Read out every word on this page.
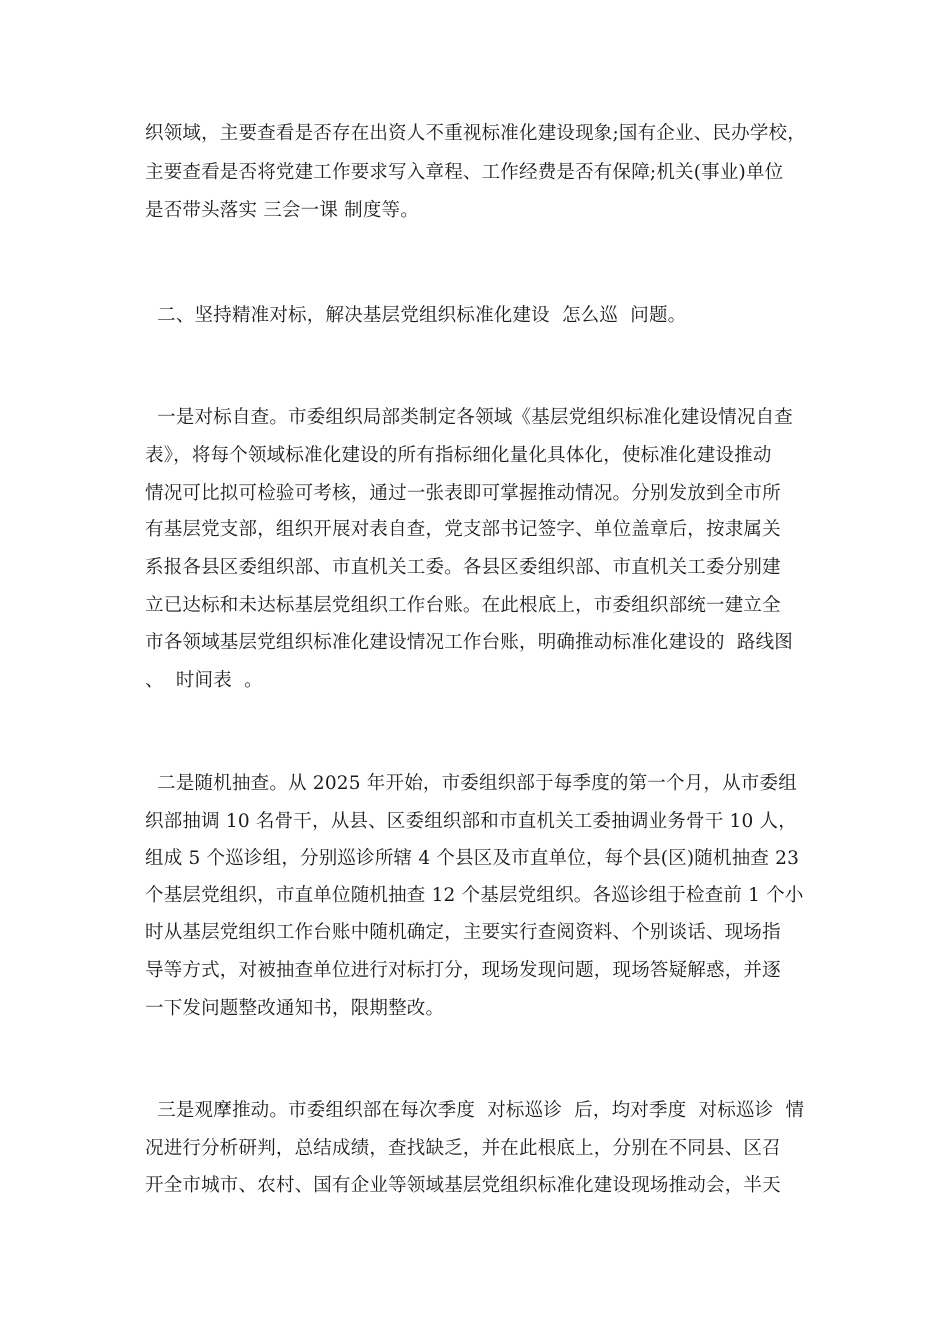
织领域，主要查看是否存在出资人不重视标准化建设现象;国有企业、民办学校，
主要查看是否将党建工作要求写入章程、工作经费是否有保障;机关(事业)单位
是否带头落实 三会一课 制度等。
二、坚持精准对标，解决基层党组织标准化建设  怎么巡  问题。
一是对标自查。市委组织局部类制定各领域《基层党组织标准化建设情况自查
表》，将每个领域标准化建设的所有指标细化量化具体化，使标准化建设推动
情况可比拟可检验可考核，通过一张表即可掌握推动情况。分别发放到全市所
有基层党支部，组织开展对表自查，党支部书记签字、单位盖章后，按隶属关
系报各县区委组织部、市直机关工委。各县区委组织部、市直机关工委分别建
立已达标和未达标基层党组织工作台账。在此根底上，市委组织部统一建立全
市各领域基层党组织标准化建设情况工作台账，明确推动标准化建设的  路线图
、  时间表  。
二是随机抽查。从 2025 年开始，市委组织部于每季度的第一个月，从市委组
织部抽调 10 名骨干，从县、区委组织部和市直机关工委抽调业务骨干 10 人，
组成 5 个巡诊组，分别巡诊所辖 4 个县区及市直单位，每个县(区)随机抽查 23
个基层党组织，市直单位随机抽查 12 个基层党组织。各巡诊组于检查前 1 个小
时从基层党组织工作台账中随机确定，主要实行查阅资料、个别谈话、现场指
导等方式，对被抽查单位进行对标打分，现场发现问题，现场答疑解惑，并逐
一下发问题整改通知书，限期整改。
三是观摩推动。市委组织部在每次季度  对标巡诊  后，均对季度  对标巡诊  情
况进行分析研判，总结成绩，查找缺乏，并在此根底上，分别在不同县、区召
开全市城市、农村、国有企业等领域基层党组织标准化建设现场推动会，半天
